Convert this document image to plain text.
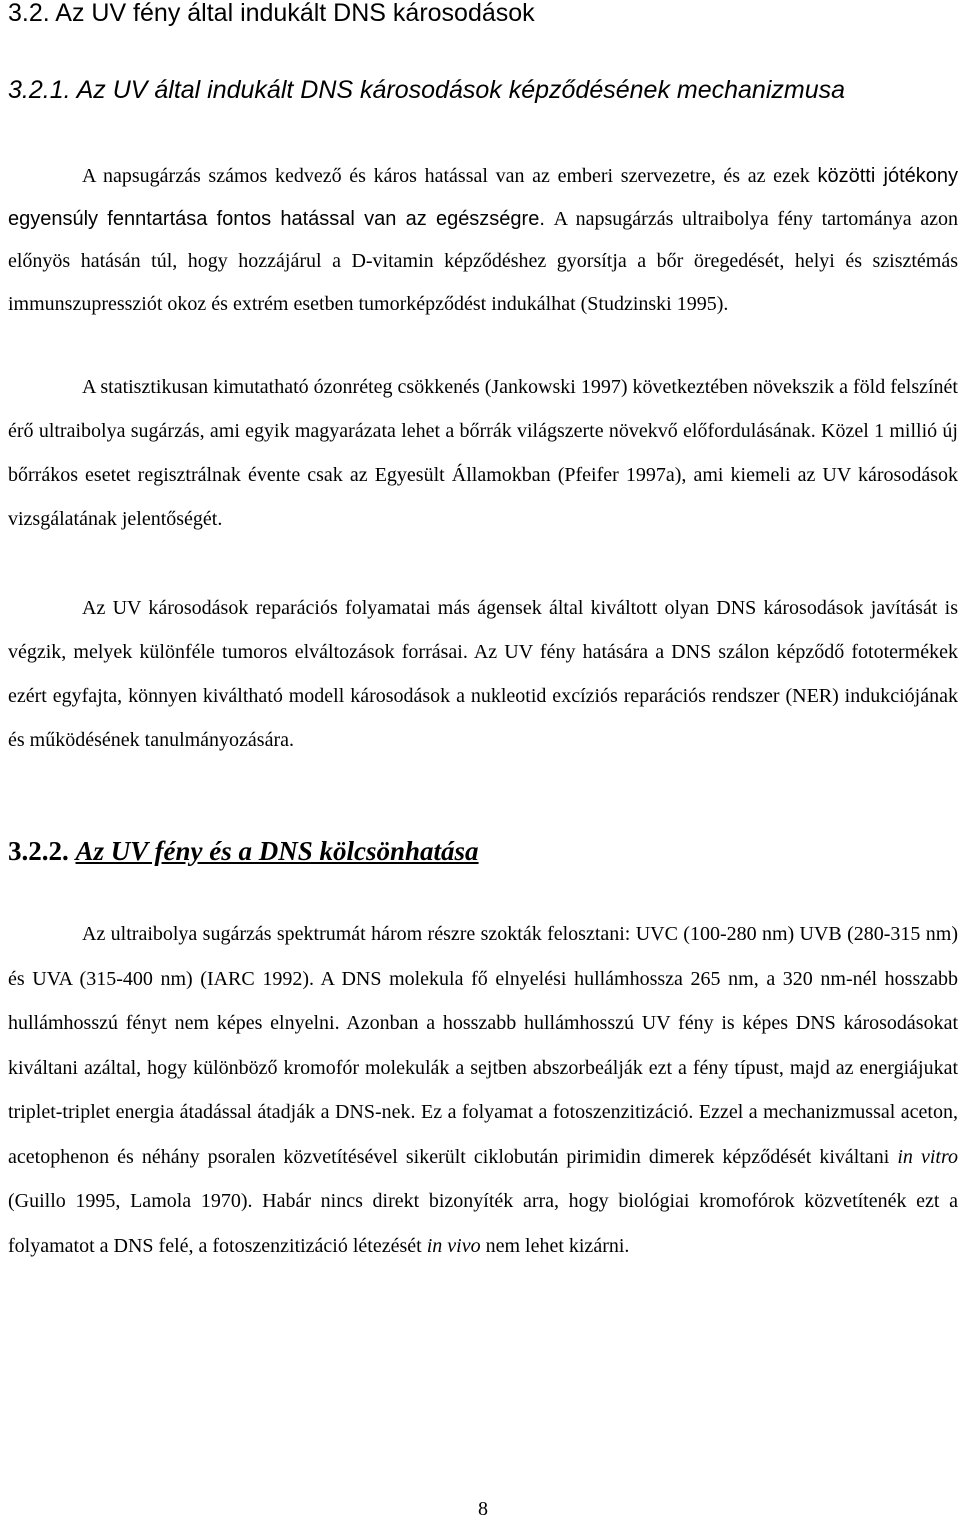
3.2. Az UV fény által indukált DNS károsodások
3.2.1. Az UV által indukált DNS károsodások képződésének mechanizmusa

A napsugárzás számos kedvező és káros hatással van az emberi szervezetre, és az ezek közötti jótékony egyensúly fenntartása fontos hatással van az egészségre. A napsugárzás ultraibolya fény tartománya azon előnyös hatásán túl, hogy hozzájárul a D-vitamin képződéshez gyorsítja a bőr öregedését, helyi és szisztémás immunszupressziót okoz és extrém esetben tumorképződést indukálhat (Studzinski 1995).

A statisztikusan kimutatható ózonréteg csökkenés (Jankowski 1997) következtében növekszik a föld felszínét érő ultraibolya sugárzás, ami egyik magyarázata lehet a bőrrák világszerte növekvő előfordulásának. Közel 1 millió új bőrrákos esetet regisztrálnak évente csak az Egyesült Államokban (Pfeifer 1997a), ami kiemeli az UV károsodások vizsgálatának jelentőségét.

Az UV károsodások reparációs folyamatai más ágensek által kiváltott olyan DNS károsodások javítását is végzik, melyek különféle tumoros elváltozások forrásai. Az UV fény hatására a DNS szálon képződő fototermékek ezért egyfajta, könnyen kiváltható modell károsodások a nukleotid excíziós reparációs rendszer (NER) indukciójának és működésének tanulmányozására.

3.2.2. Az UV fény és a DNS kölcsönhatása

Az ultraibolya sugárzás spektrumát három részre szokták felosztani: UVC (100-280 nm) UVB (280-315 nm) és UVA (315-400 nm) (IARC 1992). A DNS molekula fő elnyelési hullámhossza 265 nm, a 320 nm-nél hosszabb hullámhosszú fényt nem képes elnyelni. Azonban a hosszabb hullámhosszú UV fény is képes DNS károsodásokat kiváltani azáltal, hogy különböző kromofór molekulák a sejtben abszorbeálják ezt a fény típust, majd az energiájukat triplet-triplet energia átadással átadják a DNS-nek. Ez a folyamat a fotoszenzitizáció. Ezzel a mechanizmussal aceton, acetophenon és néhány psoralen közvetítésével sikerült ciklobután pirimidin dimerek képződését kiváltani in vitro (Guillo 1995, Lamola 1970). Habár nincs direkt bizonyíték arra, hogy biológiai kromofórok közvetítenék ezt a folyamatot a DNS felé, a fotoszenzitizáció létezését in vivo nem lehet kizárni.

8
